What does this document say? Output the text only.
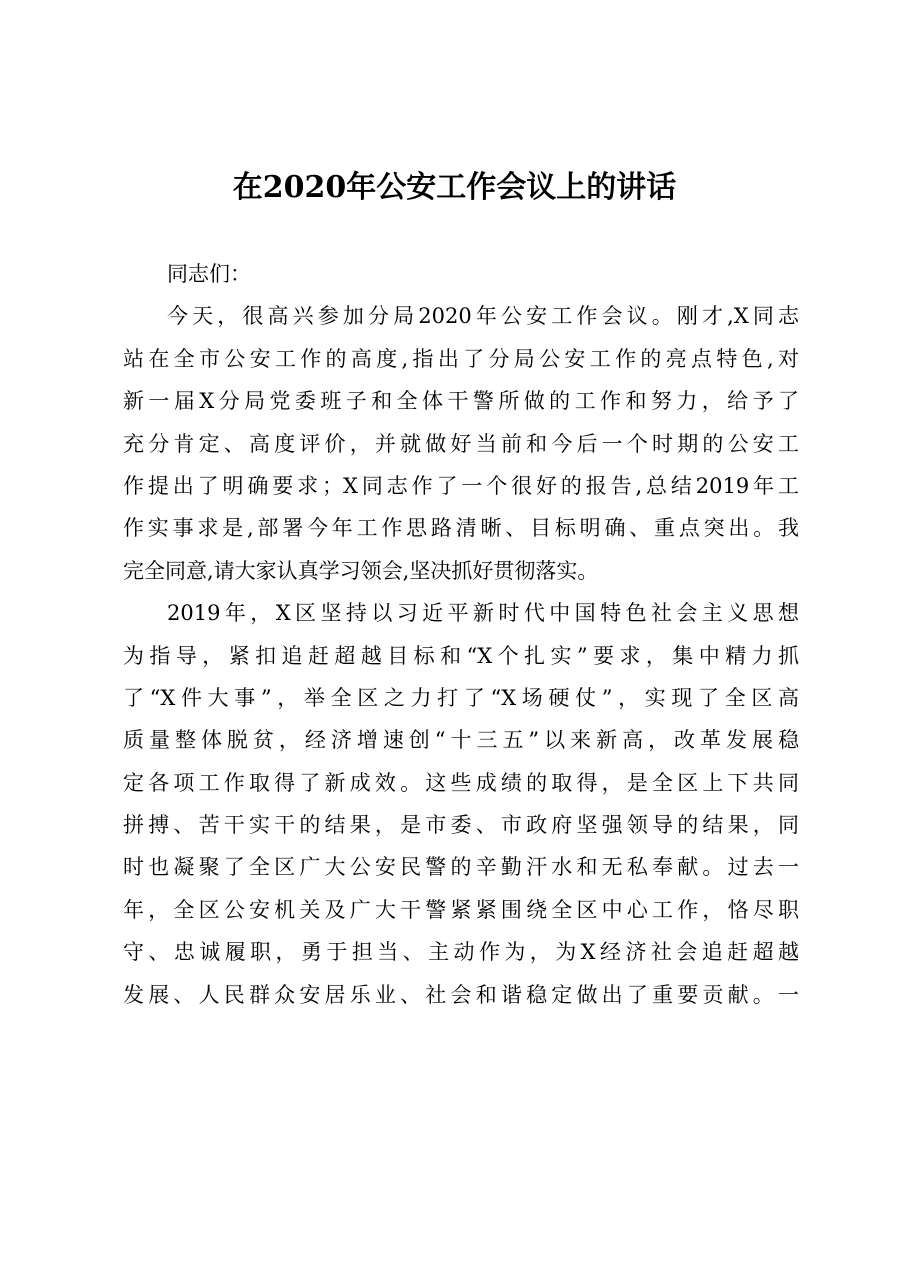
在2020年公安工作会议上的讲话

同志们：

今天，很高兴参加分局2020年公安工作会议。刚才,X同志
站在全市公安工作的高度,指出了分局公安工作的亮点特色,对
新一届X分局党委班子和全体干警所做的工作和努力，给予了
充分肯定、高度评价，并就做好当前和今后一个时期的公安工
作提出了明确要求；X同志作了一个很好的报告,总结2019年工
作实事求是,部署今年工作思路清晰、目标明确、重点突出。我
完全同意,请大家认真学习领会,坚决抓好贯彻落实。

2019年，X区坚持以习近平新时代中国特色社会主义思想
为指导，紧扣追赶超越目标和“X个扎实”要求，集中精力抓
了“X件大事”，举全区之力打了“X场硬仗”，实现了全区高
质量整体脱贫，经济增速创“十三五”以来新高，改革发展稳
定各项工作取得了新成效。这些成绩的取得，是全区上下共同
拼搏、苦干实干的结果，是市委、市政府坚强领导的结果，同
时也凝聚了全区广大公安民警的辛勤汗水和无私奉献。过去一
年，全区公安机关及广大干警紧紧围绕全区中心工作，恪尽职
守、忠诚履职，勇于担当、主动作为，为X经济社会追赶超越
发展、人民群众安居乐业、社会和谐稳定做出了重要贡献。一
